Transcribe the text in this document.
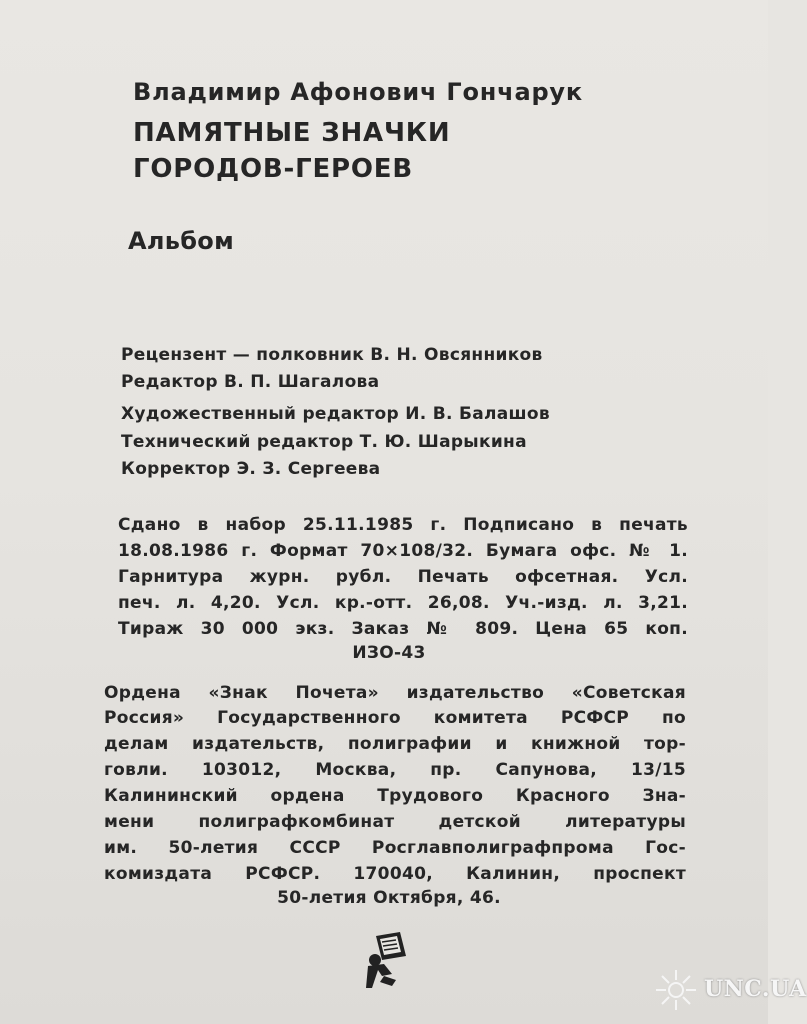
Владимир Афонович Гончарук
ПАМЯТНЫЕ ЗНАЧКИ
ГОРОДОВ-ГЕРОЕВ
Альбом
Рецензент — полковник В. Н. Овсянников
Редактор В. П. Шагалова
Художественный редактор И. В. Балашов
Технический редактор Т. Ю. Шарыкина
Корректор Э. З. Сергеева
Сдано в набор 25.11.1985 г. Подписано в печать
18.08.1986 г. Формат 70×108/32. Бумага офс. № 1.
Гарнитура журн. рубл. Печать офсетная. Усл.
печ. л. 4,20. Усл. кр.-отт. 26,08. Уч.-изд. л. 3,21.
Тираж 30 000 экз. Заказ № 809. Цена 65 коп.
ИЗО-43
Ордена «Знак Почета» издательство «Советская
Россия» Государственного комитета РСФСР по
делам издательств, полиграфии и книжной тор-
говли. 103012, Москва, пр. Сапунова, 13/15
Калининский ордена Трудового Красного Зна-
мени полиграфкомбинат детской литературы
им. 50-летия СССР Росглавполиграфпрома Гос-
комиздата РСФСР. 170040, Калинин, проспект
50-летия Октября, 46.
UNC.UA
